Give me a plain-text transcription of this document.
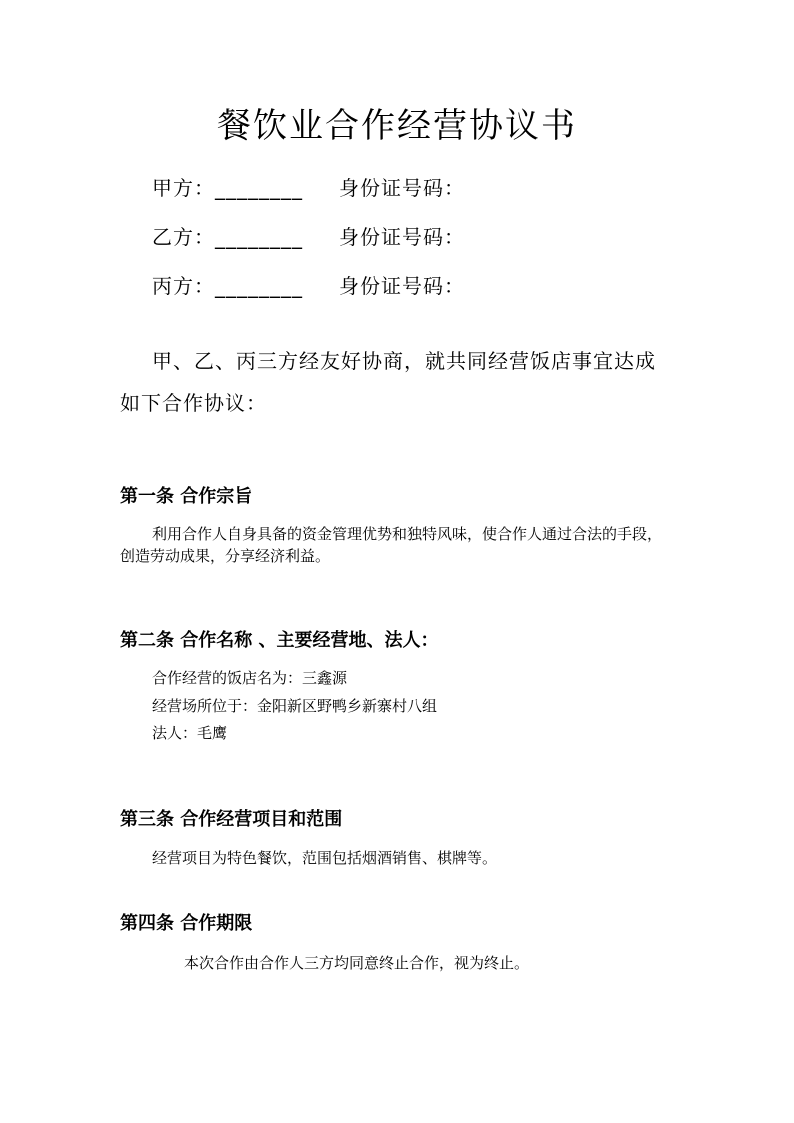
餐饮业合作经营协议书
甲方：________ 身份证号码：
乙方：________ 身份证号码：
丙方：________ 身份证号码：
甲、乙、丙三方经友好协商，就共同经营饭店事宜达成
如下合作协议：
第一条 合作宗旨
利用合作人自身具备的资金管理优势和独特风味，使合作人通过合法的手段，
创造劳动成果，分享经济利益。
第二条 合作名称 、主要经营地、法人：
合作经营的饭店名为：三鑫源
经营场所位于：金阳新区野鸭乡新寨村八组
法人：毛鹰
第三条 合作经营项目和范围
经营项目为特色餐饮，范围包括烟酒销售、棋牌等。
第四条 合作期限
本次合作由合作人三方均同意终止合作，视为终止。
